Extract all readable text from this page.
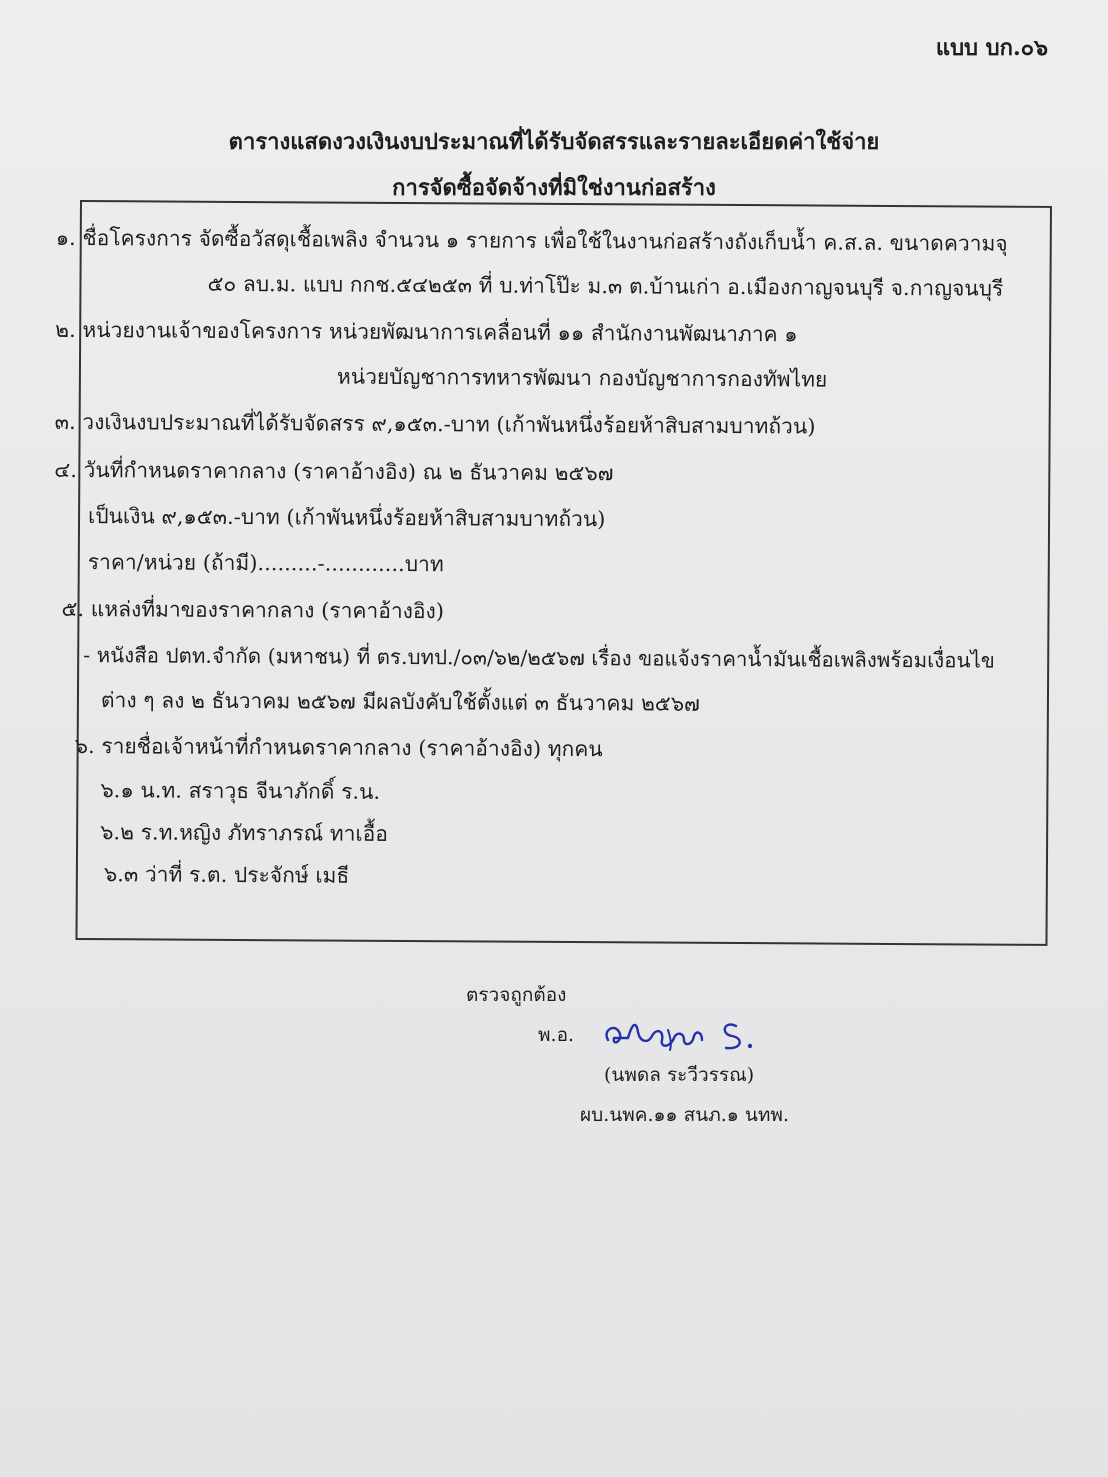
แบบ บก.๐๖
ตารางแสดงวงเงินงบประมาณที่ได้รับจัดสรรและรายละเอียดค่าใช้จ่าย
การจัดซื้อจัดจ้างที่มิใช่งานก่อสร้าง
๑. ชื่อโครงการ จัดซื้อวัสดุเชื้อเพลิง จำนวน ๑ รายการ เพื่อใช้ในงานก่อสร้างถังเก็บน้ำ ค.ส.ล. ขนาดความจุ
๕๐ ลบ.ม. แบบ กกช.๕๔๒๕๓ ที่ บ.ท่าโป๊ะ ม.๓ ต.บ้านเก่า อ.เมืองกาญจนบุรี จ.กาญจนบุรี
๒. หน่วยงานเจ้าของโครงการ หน่วยพัฒนาการเคลื่อนที่ ๑๑ สำนักงานพัฒนาภาค ๑
หน่วยบัญชาการทหารพัฒนา กองบัญชาการกองทัพไทย
๓. วงเงินงบประมาณที่ได้รับจัดสรร ๙,๑๕๓.-บาท (เก้าพันหนึ่งร้อยห้าสิบสามบาทถ้วน)
๔. วันที่กำหนดราคากลาง (ราคาอ้างอิง) ณ ๒ ธันวาคม ๒๕๖๗
เป็นเงิน ๙,๑๕๓.-บาท (เก้าพันหนึ่งร้อยห้าสิบสามบาทถ้วน)
ราคา/หน่วย (ถ้ามี).........-............บาท
๕. แหล่งที่มาของราคากลาง (ราคาอ้างอิง)
- หนังสือ ปตท.จำกัด (มหาชน) ที่ ตร.บทป./๐๓/๖๒/๒๕๖๗ เรื่อง ขอแจ้งราคาน้ำมันเชื้อเพลิงพร้อมเงื่อนไข
ต่าง ๆ ลง ๒ ธันวาคม ๒๕๖๗ มีผลบังคับใช้ตั้งแต่ ๓ ธันวาคม ๒๕๖๗
๖. รายชื่อเจ้าหน้าที่กำหนดราคากลาง (ราคาอ้างอิง) ทุกคน
๖.๑ น.ท. สราวุธ จีนาภักดิ์ ร.น.
๖.๒ ร.ท.หญิง ภัทราภรณ์ ทาเอื้อ
๖.๓ ว่าที่ ร.ต. ประจักษ์ เมธี
ตรวจถูกต้อง
พ.อ.
(นพดล ระวีวรรณ)
ผบ.นพค.๑๑ สนภ.๑ นทพ.
